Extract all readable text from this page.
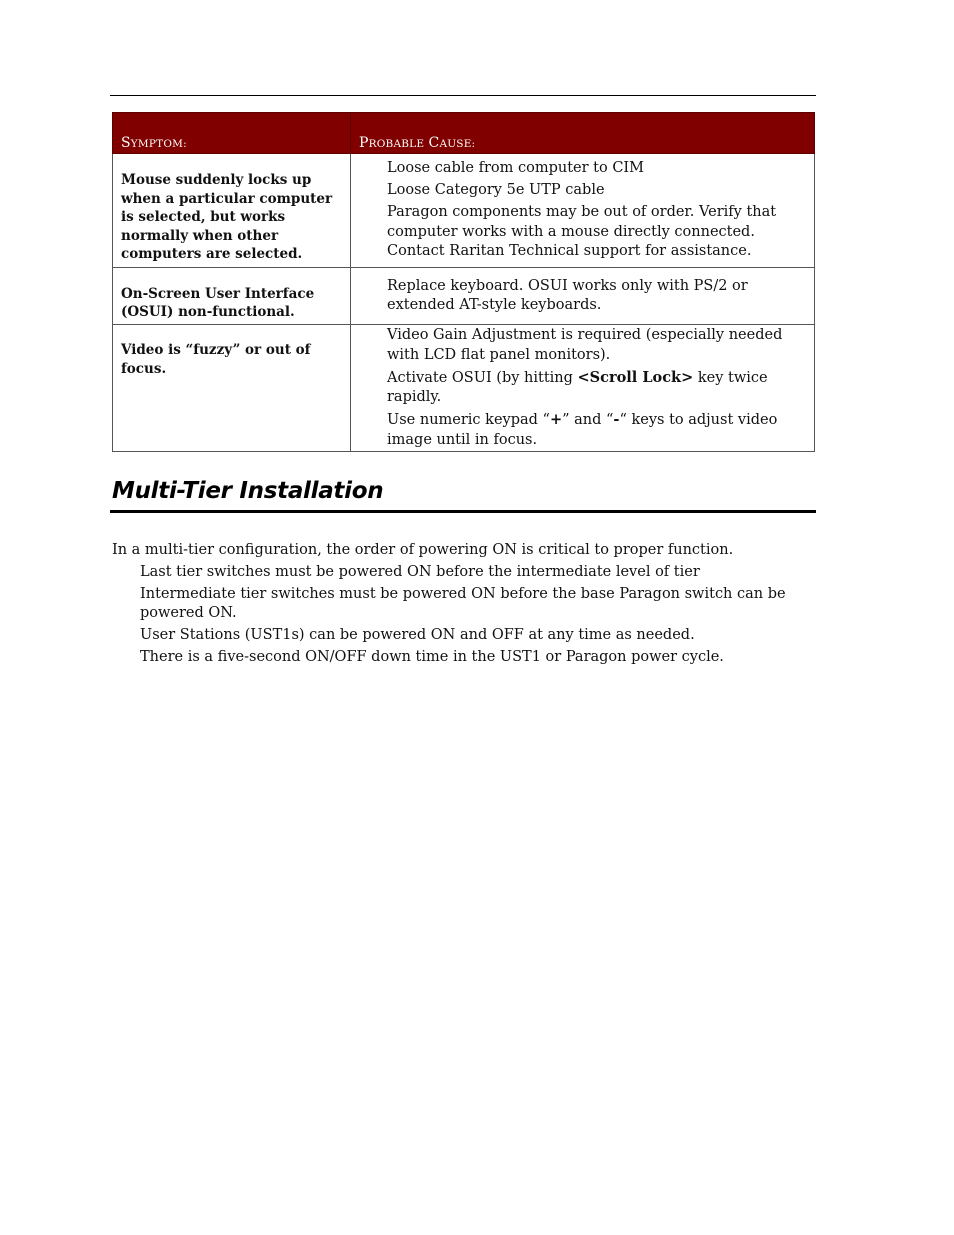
SYMPTOM:	PROBABLE CAUSE:
Mouse suddenly locks up when a particular computer is selected, but works normally when other computers are selected.	Loose cable from computer to CIM
Loose Category 5e UTP cable
Paragon components may be out of order. Verify that computer works with a mouse directly connected. Contact Raritan Technical support for assistance.

On-Screen User Interface (OSUI) non-functional.	Replace keyboard. OSUI works only with PS/2 or extended AT-style keyboards.

Video is “fuzzy” or out of focus.	Video Gain Adjustment is required (especially needed with LCD flat panel monitors).
Activate OSUI (by hitting <Scroll Lock> key twice rapidly.
Use numeric keypad “+” and “-“ keys to adjust video image until in focus.
Multi-Tier Installation
In a multi-tier configuration, the order of powering ON is critical to proper function.
Last tier switches must be powered ON before the intermediate level of tier
Intermediate tier switches must be powered ON before the base Paragon switch can be powered ON.
User Stations (UST1s) can be powered ON and OFF at any time as needed.
There is a five-second ON/OFF down time in the UST1 or Paragon power cycle.
